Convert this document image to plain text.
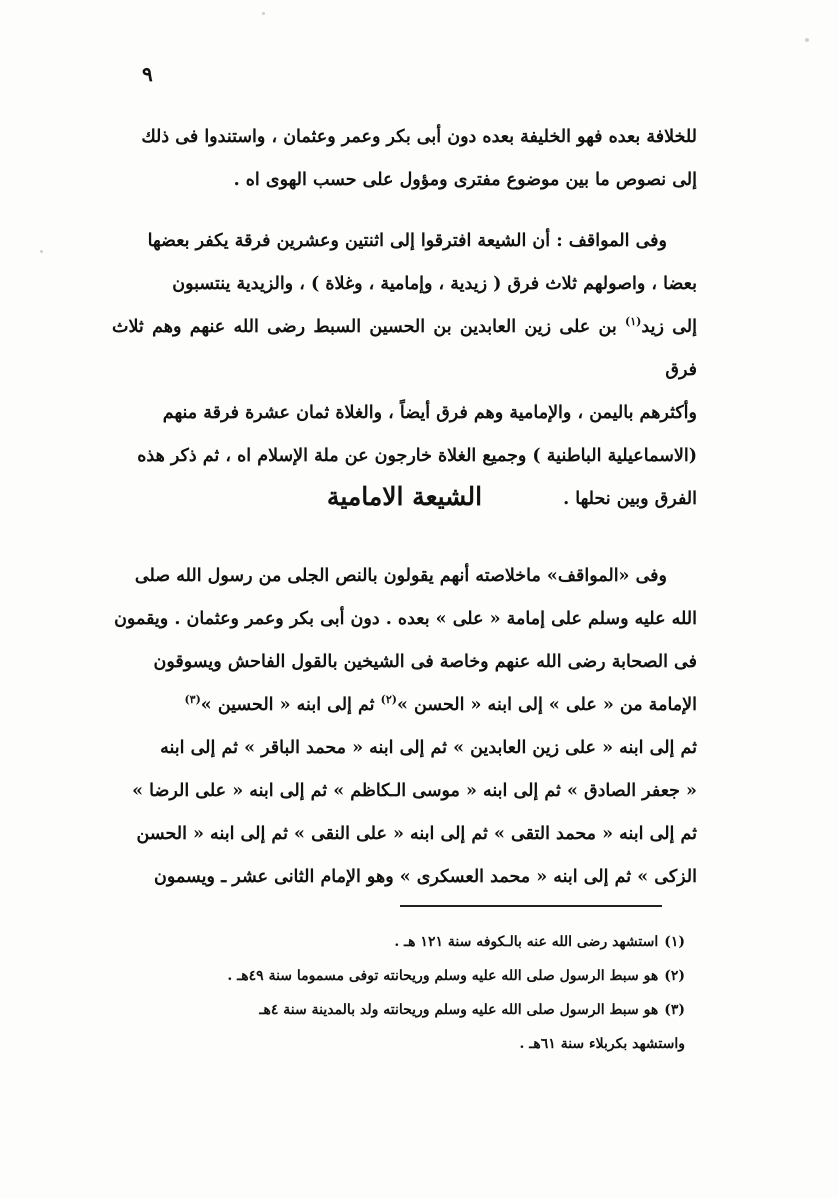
٩

للخلافة بعده فهو الخليفة بعده دون أبى بكر وعمر وعثمان ، واستندوا فى ذلك

إلى نصوص ما بين موضوع مفترى ومؤول على حسب الهوى اه .

وفى المواقف : أن الشيعة افترقوا إلى اثنتين وعشرين فرقة يكفر بعضها

بعضا ، واصولهم ثلاث فرق ( زيدية ، وإمامية ، وغلاة ) ، والزيدية ينتسبون

إلى زيد$^{(١)}$ بن على زين العابدين بن الحسين السبط رضى الله عنهم وهم ثلاث فرق

وأكثرهم باليمن ، والإمامية وهم فرق أيضاً ، والغلاة ثمان عشرة فرقة منهم

(الاسماعيلية الباطنية ) وجميع الغلاة خارجون عن ملة الإسلام اه ، ثم ذكر هذه

الفرق وبين نحلها .

الشيعة الامامية

وفى «المواقف» ماخلاصته أنهم يقولون بالنص الجلى من رسول الله صلى

الله عليه وسلم على إمامة « على » بعده . دون أبى بكر وعمر وعثمان . ويقمون

فى الصحابة رضى الله عنهم وخاصة فى الشيخين بالقول الفاحش ويسوقون

الإمامة من « على » إلى ابنه « الحسن »$^{(٢)}$ ثم إلى ابنه « الحسين »$^{(٣)}$

ثم إلى ابنه « على زين العابدين » ثم إلى ابنه « محمد الباقر » ثم إلى ابنه

« جعفر الصادق » ثم إلى ابنه « موسى الـكاظم » ثم إلى ابنه « على الرضا »

ثم إلى ابنه « محمد التقى » ثم إلى ابنه « على النقى » ثم إلى ابنه « الحسن

الزكى » ثم إلى ابنه « محمد العسكرى » وهو الإمام الثانى عشر ـ ويسمون

(١)استشهد رضى الله عنه بالـكوفه سنة ١٢١ هـ .

(٢)هو سبط الرسول صلى الله عليه وسلم وريحانته توفى مسموما سنة ٤٩هـ .

(٣)هو سبط الرسول صلى الله عليه وسلم وريحانته ولد بالمدينة سنة ٤هـ

واستشهد بكربلاء سنة ٦١هـ .
